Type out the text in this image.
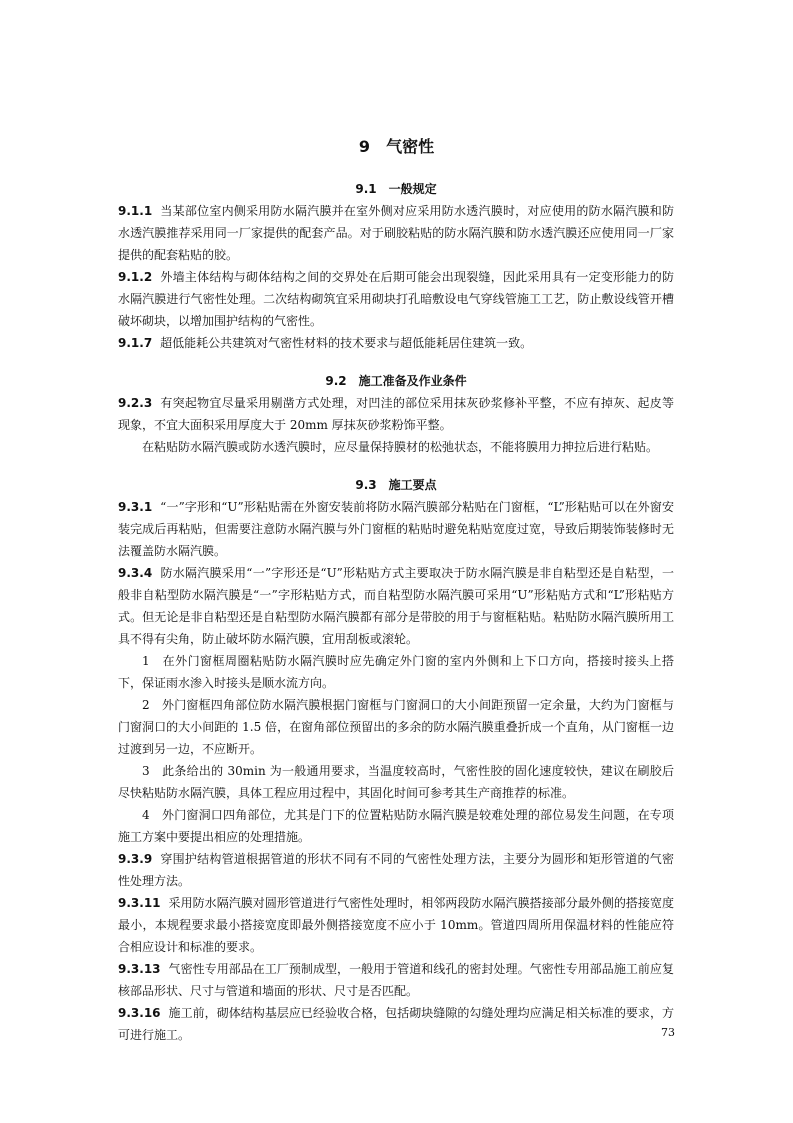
9 气密性
9.1 一般规定

9.1.1 当某部位室内侧采用防水隔汽膜并在室外侧对应采用防水透汽膜时，对应使用的防水隔汽膜和防水透汽膜推荐采用同一厂家提供的配套产品。对于刷胶粘贴的防水隔汽膜和防水透汽膜还应使用同一厂家提供的配套粘贴的胶。

9.1.2 外墙主体结构与砌体结构之间的交界处在后期可能会出现裂缝，因此采用具有一定变形能力的防水隔汽膜进行气密性处理。二次结构砌筑宜采用砌块打孔暗敷设电气穿线管施工工艺，防止敷设线管开槽破坏砌块，以增加围护结构的气密性。

9.1.7 超低能耗公共建筑对气密性材料的技术要求与超低能耗居住建筑一致。

9.2 施工准备及作业条件

9.2.3 有突起物宜尽量采用剔凿方式处理，对凹洼的部位采用抹灰砂浆修补平整，不应有掉灰、起皮等现象，不宜大面积采用厚度大于 20mm 厚抹灰砂浆粉饰平整。

在粘贴防水隔汽膜或防水透汽膜时，应尽量保持膜材的松弛状态，不能将膜用力抻拉后进行粘贴。

9.3 施工要点

9.3.1 “一”字形和“U”形粘贴需在外窗安装前将防水隔汽膜部分粘贴在门窗框，“L”形粘贴可以在外窗安装完成后再粘贴，但需要注意防水隔汽膜与外门窗框的粘贴时避免粘贴宽度过宽，导致后期装饰装修时无法覆盖防水隔汽膜。

9.3.4 防水隔汽膜采用“一”字形还是“U”形粘贴方式主要取决于防水隔汽膜是非自粘型还是自粘型，一般非自粘型防水隔汽膜是“一”字形粘贴方式，而自粘型防水隔汽膜可采用“U”形粘贴方式和“L”形粘贴方式。但无论是非自粘型还是自粘型防水隔汽膜都有部分是带胶的用于与窗框粘贴。粘贴防水隔汽膜所用工具不得有尖角，防止破坏防水隔汽膜，宜用刮板或滚轮。

1　在外门窗框周圈粘贴防水隔汽膜时应先确定外门窗的室内外侧和上下口方向，搭接时接头上搭下，保证雨水渗入时接头是顺水流方向。

2　外门窗框四角部位防水隔汽膜根据门窗框与门窗洞口的大小间距预留一定余量，大约为门窗框与门窗洞口的大小间距的 1.5 倍，在窗角部位预留出的多余的防水隔汽膜重叠折成一个直角，从门窗框一边过渡到另一边，不应断开。

3　此条给出的 30min 为一般通用要求，当温度较高时，气密性胶的固化速度较快，建议在刷胶后尽快粘贴防水隔汽膜，具体工程应用过程中，其固化时间可参考其生产商推荐的标准。

4　外门窗洞口四角部位，尤其是门下的位置粘贴防水隔汽膜是较难处理的部位易发生问题，在专项施工方案中要提出相应的处理措施。

9.3.9 穿围护结构管道根据管道的形状不同有不同的气密性处理方法，主要分为圆形和矩形管道的气密性处理方法。

9.3.11 采用防水隔汽膜对圆形管道进行气密性处理时，相邻两段防水隔汽膜搭接部分最外侧的搭接宽度最小，本规程要求最小搭接宽度即最外侧搭接宽度不应小于 10mm。管道四周所用保温材料的性能应符合相应设计和标准的要求。

9.3.13 气密性专用部品在工厂预制成型，一般用于管道和线孔的密封处理。气密性专用部品施工前应复核部品形状、尺寸与管道和墙面的形状、尺寸是否匹配。

9.3.16 施工前，砌体结构基层应已经验收合格，包括砌块缝隙的勾缝处理均应满足相关标准的要求，方可进行施工。	73
